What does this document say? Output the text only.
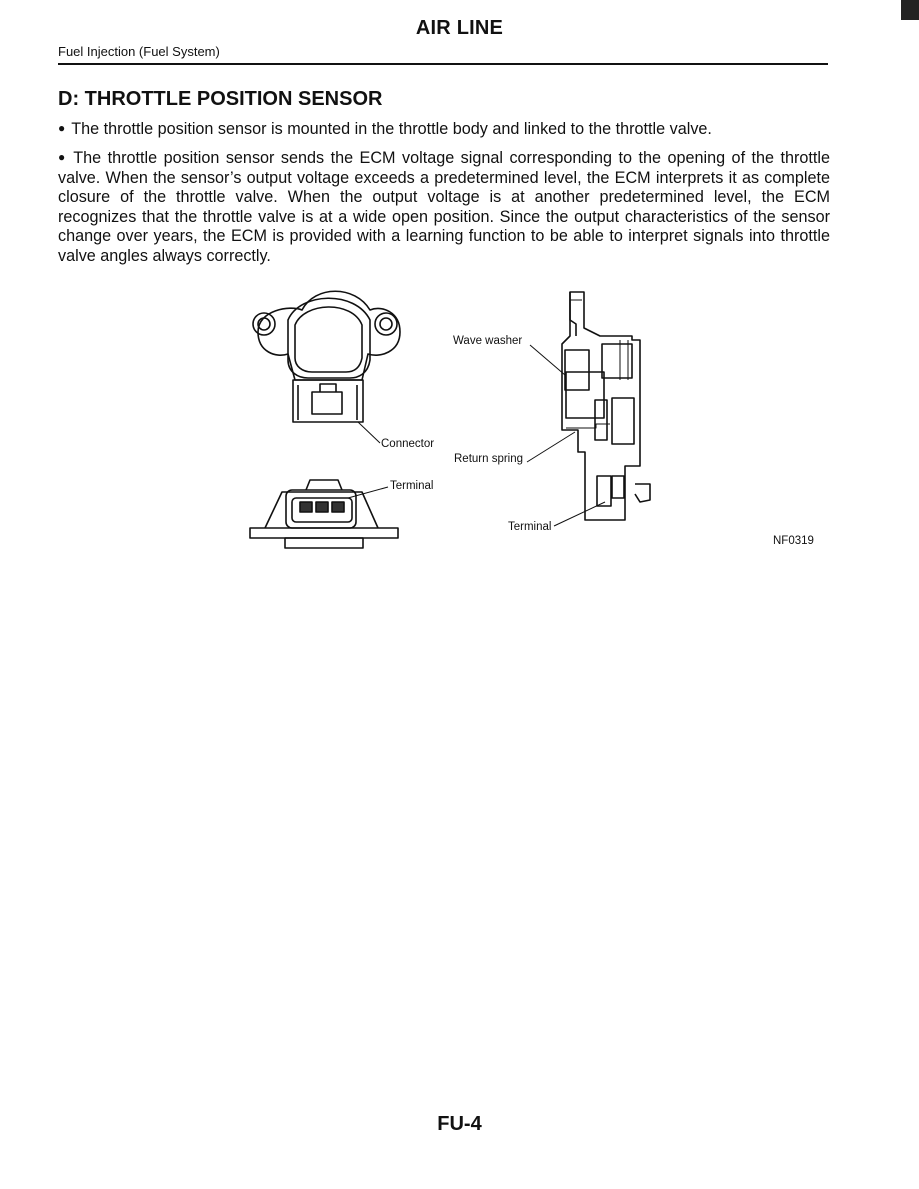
AIR LINE
Fuel Injection (Fuel System)
D: THROTTLE POSITION SENSOR
● The throttle position sensor is mounted in the throttle body and linked to the throttle valve.
● The throttle position sensor sends the ECM voltage signal corresponding to the opening of the throttle valve. When the sensor’s output voltage exceeds a predetermined level, the ECM interprets it as complete closure of the throttle valve. When the output voltage is at another predetermined level, the ECM recognizes that the throttle valve is at a wide open position. Since the output characteristics of the sensor change over years, the ECM is provided with a learning function to be able to interpret signals into throttle valve angles always correctly.
Connector
Terminal
Wave washer
Return spring
Terminal
NF0319
FU-4
